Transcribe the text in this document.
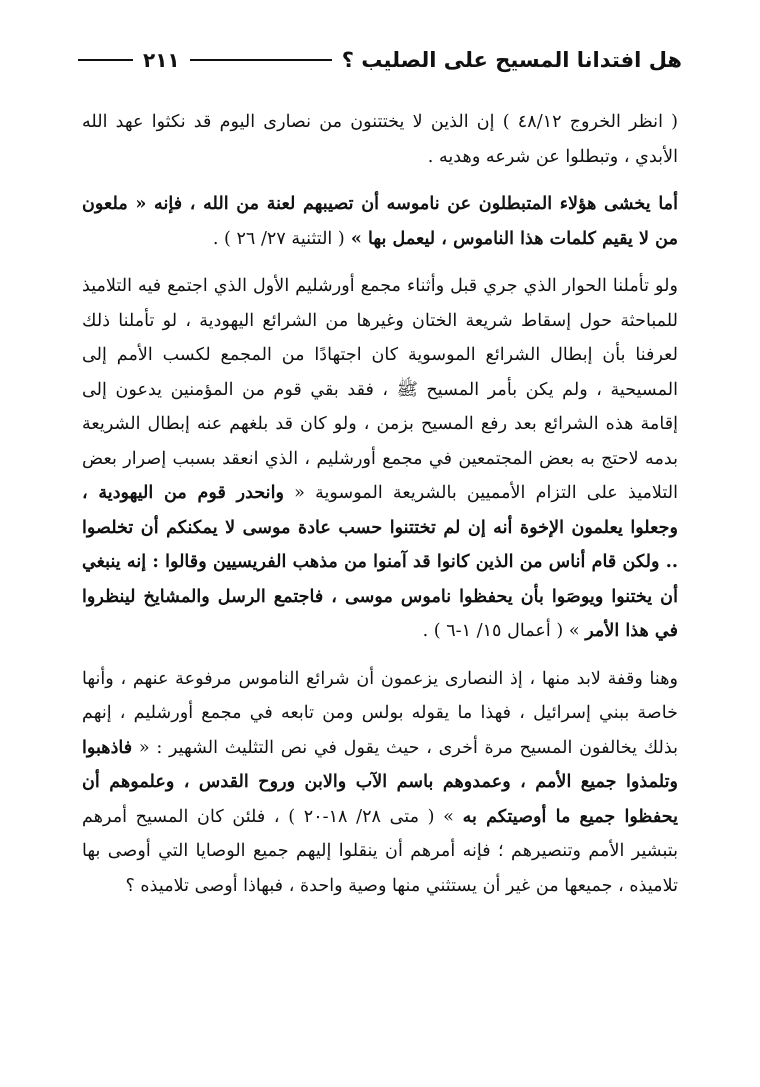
هل افتدانا المسيح على الصليب ؟
٢١١

( انظر الخروج ٤٨/١٢ ) إن الذين لا يختتنون من نصارى اليوم قد نكثوا عهد الله الأبدي ، وتبطلوا عن شرعه وهديه .

أما يخشى هؤلاء المتبطلون عن ناموسه أن تصيبهم لعنة من الله ، فإنه « ملعون من لا يقيم كلمات هذا الناموس ، ليعمل بها » ( التثنية ٢٧/ ٢٦ ) .

ولو تأملنا الحوار الذي جري قبل وأثناء مجمع أورشليم الأول الذي اجتمع فيه التلاميذ للمباحثة حول إسقاط شريعة الختان وغيرها من الشرائع اليهودية ، لو تأملنا ذلك لعرفنا بأن إبطال الشرائع الموسوية كان اجتهادًا من المجمع لكسب الأمم إلى المسيحية ، ولم يكن بأمر المسيح ﷺ ، فقد بقي قوم من المؤمنين يدعون إلى إقامة هذه الشرائع بعد رفع المسيح بزمن ، ولو كان قد بلغهم عنه إبطال الشريعة بدمه لاحتج به بعض المجتمعين في مجمع أورشليم ، الذي انعقد بسبب إصرار بعض التلاميذ على التزام الأمميين بالشريعة الموسوية « وانحدر قوم من اليهودية ، وجعلوا يعلمون الإخوة أنه إن لم تختتنوا حسب عادة موسى لا يمكنكم أن تخلصوا .. ولكن قام أناس من الذين كانوا قد آمنوا من مذهب الفريسيين وقالوا : إنه ينبغي أن يختنوا ويوصَوا بأن يحفظوا ناموس موسى ، فاجتمع الرسل والمشايخ لينظروا في هذا الأمر » ( أعمال ١٥/ ١-٦ ) .

وهنا وقفة لابد منها ، إذ النصارى يزعمون أن شرائع الناموس مرفوعة عنهم ، وأنها خاصة ببني إسرائيل ، فهذا ما يقوله بولس ومن تابعه في مجمع أورشليم ، إنهم بذلك يخالفون المسيح مرة أخرى ، حيث يقول في نص التثليث الشهير : « فاذهبوا وتلمذوا جميع الأمم ، وعمدوهم باسم الآب والابن وروح القدس ، وعلموهم أن يحفظوا جميع ما أوصيتكم به » ( متى ٢٨/ ١٨-٢٠ ) ، فلئن كان المسيح أمرهم بتبشير الأمم وتنصيرهم ؛ فإنه أمرهم أن ينقلوا إليهم جميع الوصايا التي أوصى بها تلاميذه ، جميعها من غير أن يستثني منها وصية واحدة ، فبهاذا أوصى تلاميذه ؟
